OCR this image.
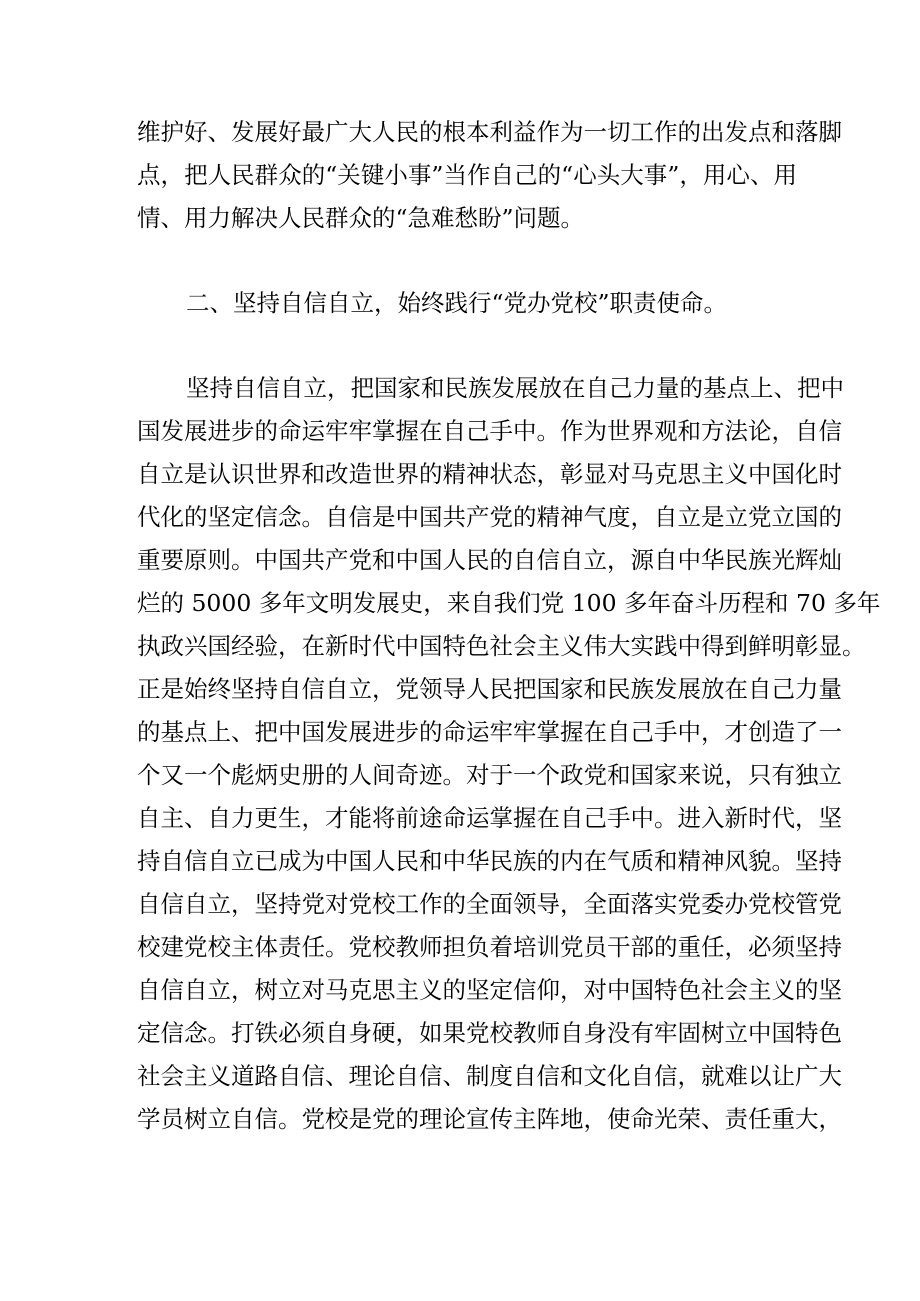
维护好、发展好最广大人民的根本利益作为一切工作的出发点和落脚
点，把人民群众的“关键小事”当作自己的“心头大事”，用心、用
情、用力解决人民群众的“急难愁盼”问题。
二、坚持自信自立，始终践行“党办党校”职责使命。
坚持自信自立，把国家和民族发展放在自己力量的基点上、把中
国发展进步的命运牢牢掌握在自己手中。作为世界观和方法论，自信
自立是认识世界和改造世界的精神状态，彰显对马克思主义中国化时
代化的坚定信念。自信是中国共产党的精神气度，自立是立党立国的
重要原则。中国共产党和中国人民的自信自立，源自中华民族光辉灿
烂的 5000 多年文明发展史，来自我们党 100 多年奋斗历程和 70 多年
执政兴国经验，在新时代中国特色社会主义伟大实践中得到鲜明彰显。
正是始终坚持自信自立，党领导人民把国家和民族发展放在自己力量
的基点上、把中国发展进步的命运牢牢掌握在自己手中，才创造了一
个又一个彪炳史册的人间奇迹。对于一个政党和国家来说，只有独立
自主、自力更生，才能将前途命运掌握在自己手中。进入新时代，坚
持自信自立已成为中国人民和中华民族的内在气质和精神风貌。坚持
自信自立，坚持党对党校工作的全面领导，全面落实党委办党校管党
校建党校主体责任。党校教师担负着培训党员干部的重任，必须坚持
自信自立，树立对马克思主义的坚定信仰，对中国特色社会主义的坚
定信念。打铁必须自身硬，如果党校教师自身没有牢固树立中国特色
社会主义道路自信、理论自信、制度自信和文化自信，就难以让广大
学员树立自信。党校是党的理论宣传主阵地，使命光荣、责任重大，
